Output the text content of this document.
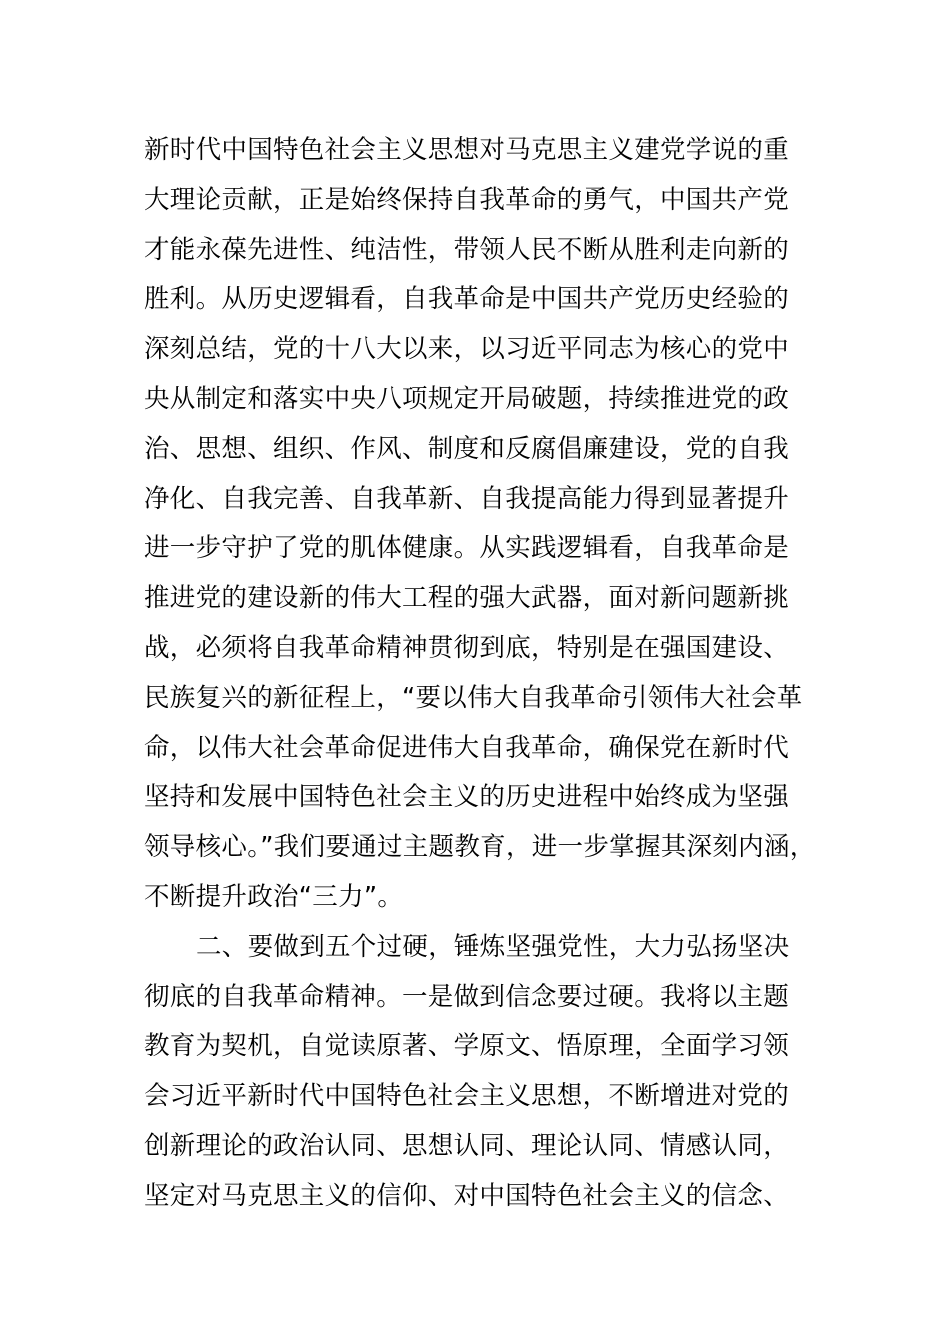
新时代中国特色社会主义思想对马克思主义建党学说的重
大理论贡献，正是始终保持自我革命的勇气，中国共产党
才能永葆先进性、纯洁性，带领人民不断从胜利走向新的
胜利。从历史逻辑看，自我革命是中国共产党历史经验的
深刻总结，党的十八大以来，以习近平同志为核心的党中
央从制定和落实中央八项规定开局破题，持续推进党的政
治、思想、组织、作风、制度和反腐倡廉建设，党的自我
净化、自我完善、自我革新、自我提高能力得到显著提升
进一步守护了党的肌体健康。从实践逻辑看，自我革命是
推进党的建设新的伟大工程的强大武器，面对新问题新挑
战，必须将自我革命精神贯彻到底，特别是在强国建设、
民族复兴的新征程上，“要以伟大自我革命引领伟大社会革
命，以伟大社会革命促进伟大自我革命，确保党在新时代
坚持和发展中国特色社会主义的历史进程中始终成为坚强
领导核心。”我们要通过主题教育，进一步掌握其深刻内涵，
不断提升政治“三力”。
二、要做到五个过硬，锤炼坚强党性，大力弘扬坚决
彻底的自我革命精神。一是做到信念要过硬。我将以主题
教育为契机，自觉读原著、学原文、悟原理，全面学习领
会习近平新时代中国特色社会主义思想，不断增进对党的
创新理论的政治认同、思想认同、理论认同、情感认同，
坚定对马克思主义的信仰、对中国特色社会主义的信念、
